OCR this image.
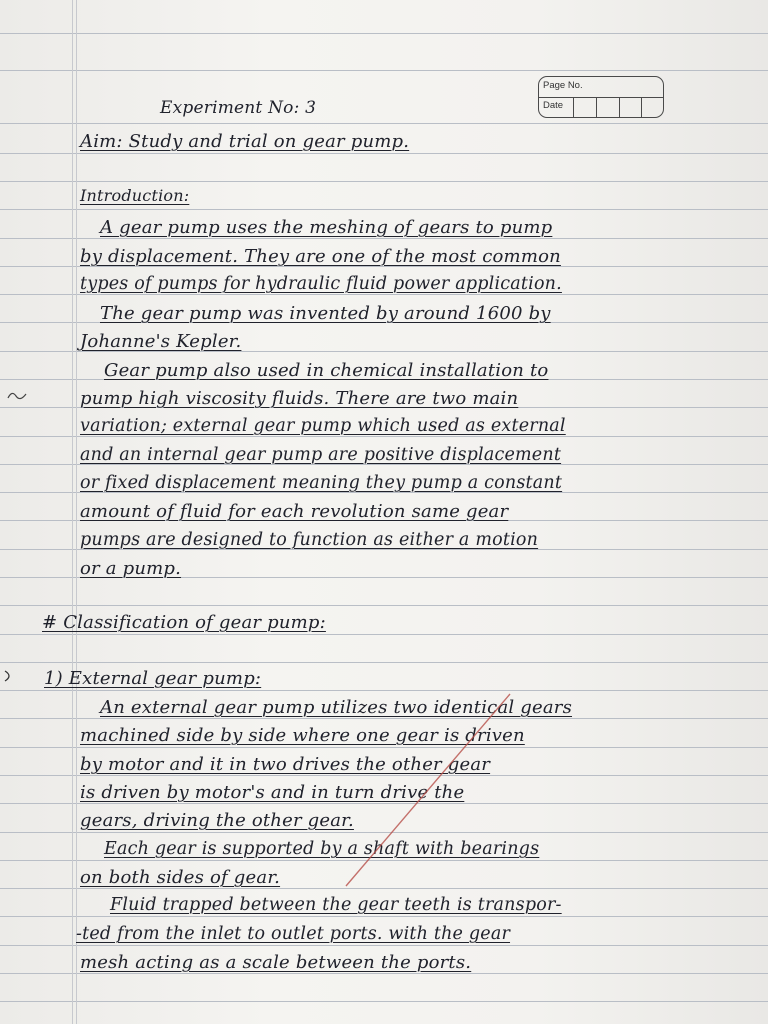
Page No.
Date
Experiment No: 3
Aim: Study and trial on gear pump.
Introduction:
A gear pump uses the meshing of gears to pump
by displacement. They are one of the most common
types of pumps for hydraulic fluid power application.
The gear pump was invented by around 1600 by
Johanne's Kepler.
Gear pump also used in chemical installation to
pump high viscosity fluids. There are two main
variation; external gear pump which used as external
and an internal gear pump are positive displacement
or fixed displacement meaning they pump a constant
amount of fluid for each revolution same gear
pumps are designed to function as either a motion
or a pump.
# Classification of gear pump:
1) External gear pump:
An external gear pump utilizes two identical gears
machined side by side where one gear is driven
by motor and it in two drives the other gear
is driven by motor's and in turn drive the
gears, driving the other gear.
Each gear is supported by a shaft with bearings
on both sides of gear.
Fluid trapped between the gear teeth is transpor-
-ted from the inlet to outlet ports. with the gear
mesh acting as a scale between the ports.
